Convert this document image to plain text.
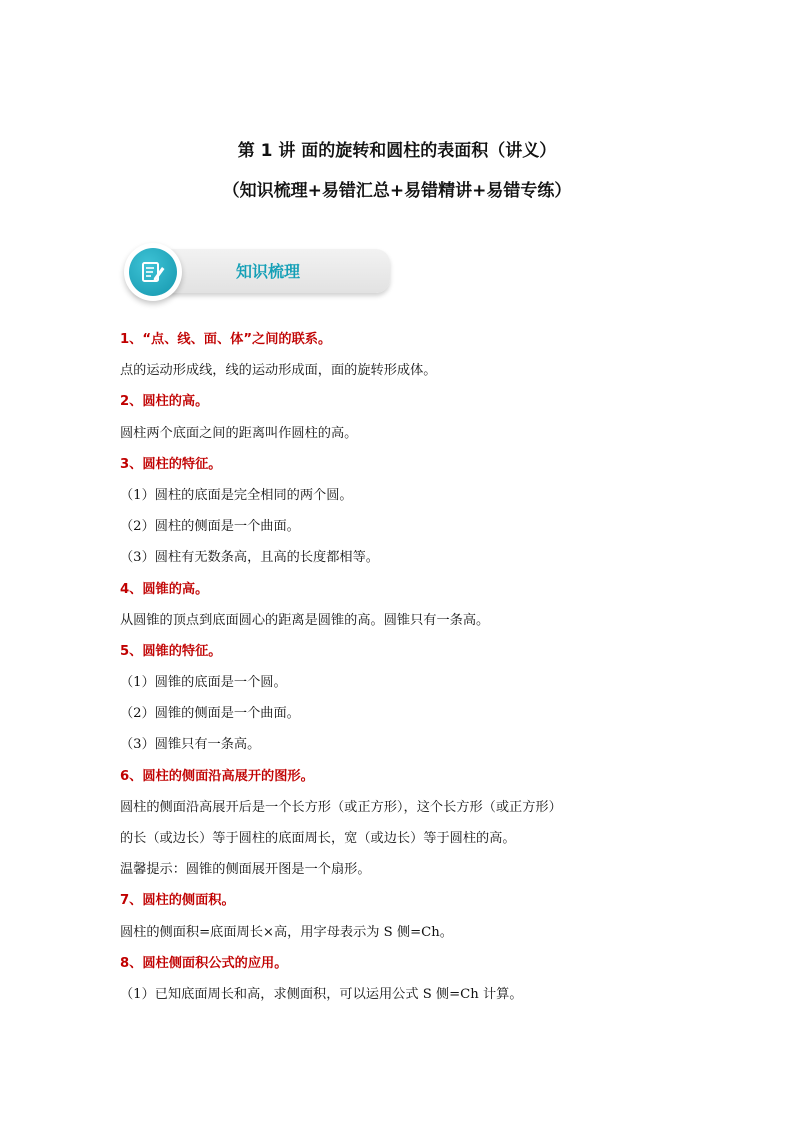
第 1 讲 面的旋转和圆柱的表面积（讲义）
（知识梳理+易错汇总+易错精讲+易错专练）
知识梳理
1、“点、线、面、体”之间的联系。
点的运动形成线，线的运动形成面，面的旋转形成体。
2、圆柱的高。
圆柱两个底面之间的距离叫作圆柱的高。
3、圆柱的特征。
（1）圆柱的底面是完全相同的两个圆。
（2）圆柱的侧面是一个曲面。
（3）圆柱有无数条高，且高的长度都相等。
4、圆锥的高。
从圆锥的顶点到底面圆心的距离是圆锥的高。圆锥只有一条高。
5、圆锥的特征。
（1）圆锥的底面是一个圆。
（2）圆锥的侧面是一个曲面。
（3）圆锥只有一条高。
6、圆柱的侧面沿高展开的图形。
圆柱的侧面沿高展开后是一个长方形（或正方形），这个长方形（或正方形）
的长（或边长）等于圆柱的底面周长，宽（或边长）等于圆柱的高。
温馨提示：圆锥的侧面展开图是一个扇形。
7、圆柱的侧面积。
圆柱的侧面积=底面周长×高，用字母表示为 S 侧=Ch。
8、圆柱侧面积公式的应用。
（1）已知底面周长和高，求侧面积，可以运用公式 S 侧=Ch 计算。
